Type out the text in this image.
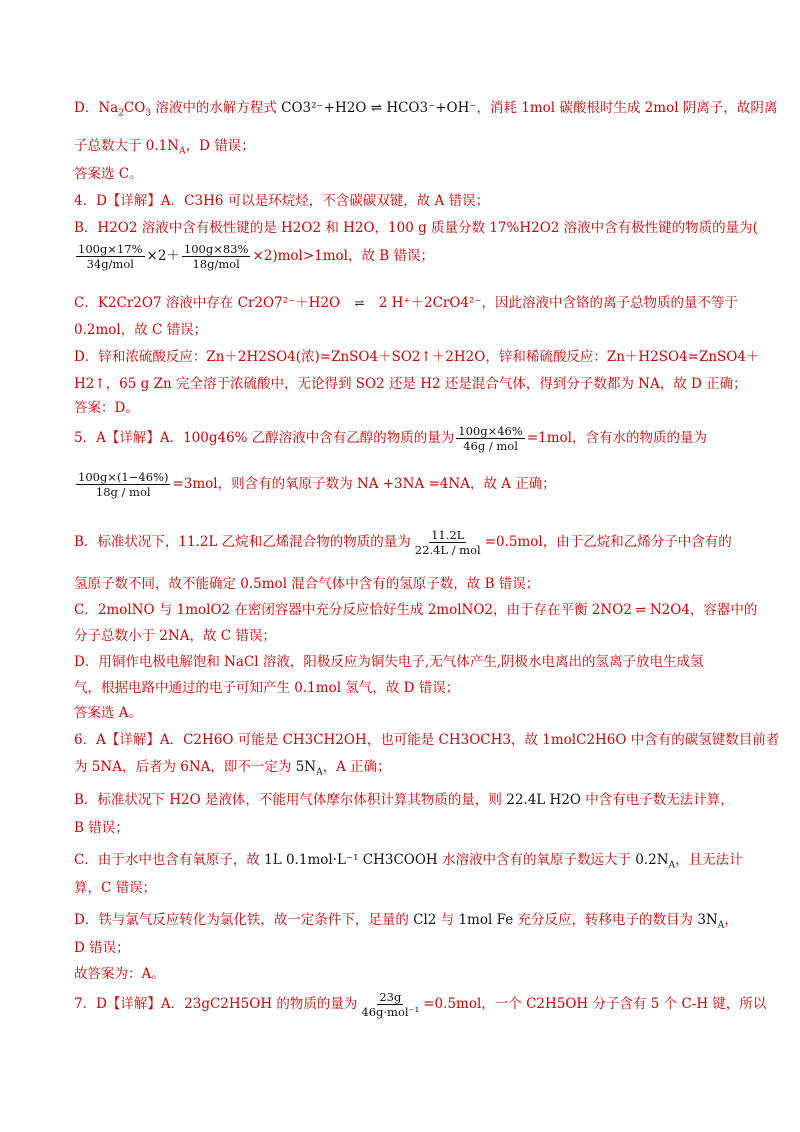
D．$Na_2CO_3$ 溶液中的水解方程式 CO3²⁻+H2O ⇌ HCO3⁻+OH⁻，消耗 1mol 碳酸根时生成 2mol 阴离子，故阴离
子总数大于 $0.1N_A$，D 错误；
答案选 C。
4．D【详解】A．C3H6 可以是环烷烃，不含碳碳双键，故 A 错误；
B．H2O2 溶液中含有极性键的是 H2O2 和 H2O，100 g 质量分数 17%H2O2 溶液中含有极性键的物质的量为(
$\frac{100g\times 17\%}{\text{34g/mol}} \times 2+ \frac{100g\times 83\%}{\text{18g/mol}} \times 2)mol>1mol$，故 B 错误；
C．K2Cr2O7 溶液中存在 Cr2O7²⁻＋H2O ⇌ 2 H⁺＋2CrO4²⁻，因此溶液中含铬的离子总物质的量不等于
0.2mol，故 C 错误；
D．锌和浓硫酸反应：Zn＋2H2SO4(浓)=ZnSO4＋SO2↑＋2H2O，锌和稀硫酸反应：Zn＋H2SO4=ZnSO4＋
H2↑，65 g Zn 完全溶于浓硫酸中，无论得到 SO2 还是 H2 还是混合气体，得到分子数都为 NA，故 D 正确；
答案：D。
5．A【详解】A．100g46% 乙醇溶液中含有乙醇的物质的量为 $\frac{100g\times 46\%}{\text{46g / mol}} =1mol$，含有水的物质的量为
$\frac{100g\times(1-46\%)}{\text{18g / mol}} =3mol$，则含有的氧原子数为 NA +3NA =4NA，故 A 正确；
B．标准状况下，11.2L 乙烷和乙烯混合物的物质的量为 $\frac{11.2L}{\text{22.4L / mol}} =0.5mol$，由于乙烷和乙烯分子中含有的
氢原子数不同，故不能确定 0.5mol 混合气体中含有的氢原子数，故 B 错误；
C．2molNO 与 1molO2 在密闭容器中充分反应恰好生成 2molNO2，由于存在平衡 2NO2 ⇌ N2O4，容器中的
分子总数小于 2NA，故 C 错误；
D．用铜作电极电解饱和 NaCl 溶液，阳极反应为铜失电子,无气体产生,阴极水电离出的氢离子放电生成氢
气，根据电路中通过的电子可知产生 0.1mol 氢气，故 D 错误；
答案选 A。
6．A【详解】A．C2H6O 可能是 CH3CH2OH，也可能是 CH3OCH3，故 1molC2H6O 中含有的碳氢键数目前者
为 5NA，后者为 6NA，即不一定为 $5N_A$，A 正确；
B．标准状况下 H2O 是液体，不能用气体摩尔体积计算其物质的量，则 22.4L H2O 中含有电子数无法计算，
B 错误；
C．由于水中也含有氧原子，故 1L 0.1mol·L⁻¹ CH3COOH 水溶液中含有的氧原子数远大于 $0.2N_A$，且无法计
算，C 错误；
D．铁与氯气反应转化为氯化铁，故一定条件下，足量的 Cl2 与 1mol Fe 充分反应，转移电子的数目为 $3N_A$，
D 错误；
故答案为：A。
7．D【详解】A．23gC2H5OH 的物质的量为 $\frac{23g}{\text{46g·mol⁻¹}} =0.5mol$，一个 C2H5OH 分子含有 5 个 C-H 键，所以
